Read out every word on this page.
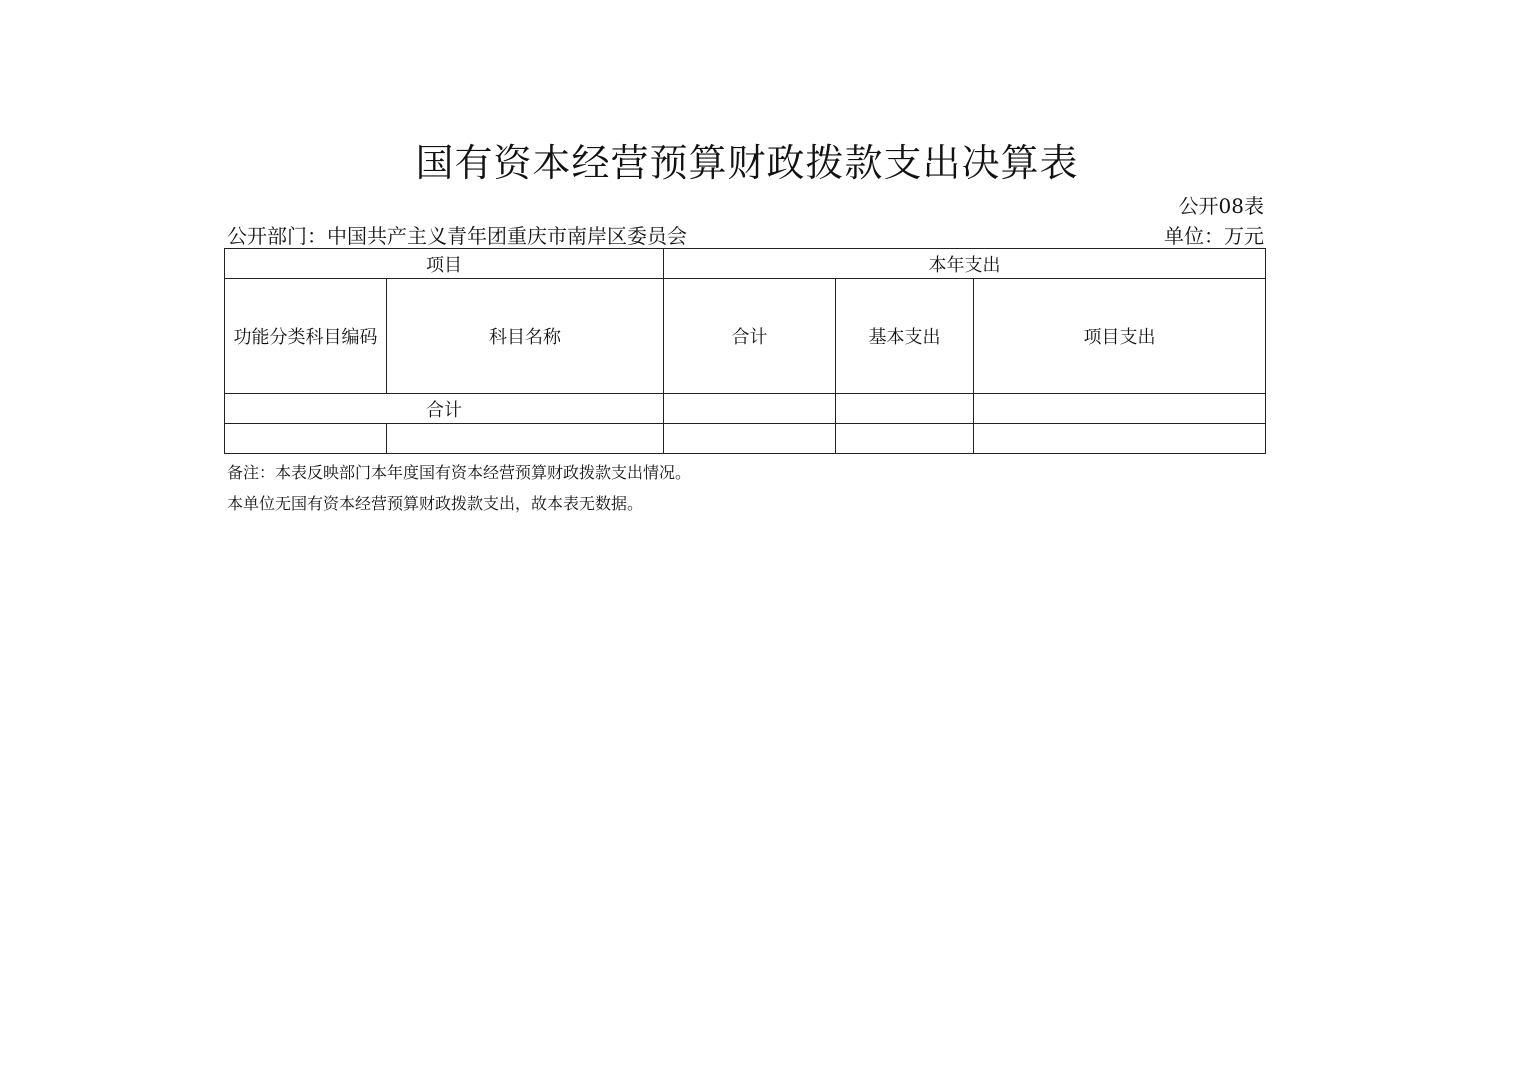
国有资本经营预算财政拨款支出决算表
公开08表
公开部门：中国共产主义青年团重庆市南岸区委员会	单位：万元
项目		本年支出		
功能分类科目编码	科目名称	合计	基本支出	项目支出
合计				

备注：本表反映部门本年度国有资本经营预算财政拨款支出情况。
本单位无国有资本经营预算财政拨款支出，故本表无数据。
